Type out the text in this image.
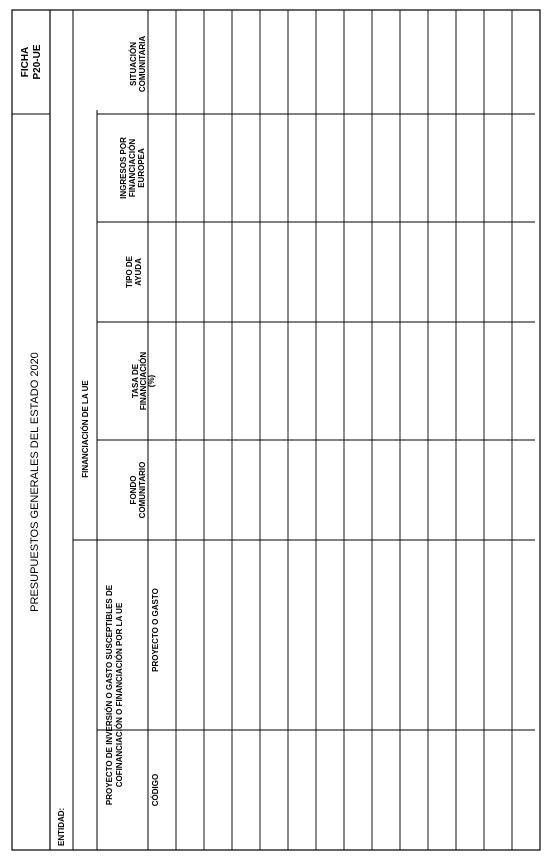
PRESUPUESTOS GENERALES DEL ESTADO 2020
FICHA P20-UE
ENTIDAD:
PROYECTO DE INVERSIÓN O GASTO SUSCEPTIBLES DE COFINANCIACIÓN O FINANCIACIÓN POR LA UE
FINANCIACIÓN DE LA UE
CÓDIGO
PROYECTO O GASTO
FONDO COMUNITARIO
TASA DE FINANCIACIÓN (%)
TIPO DE AYUDA
INGRESOS POR FINANCIACIÓN EUROPEA
SITUACIÓN COMUNITARIA
